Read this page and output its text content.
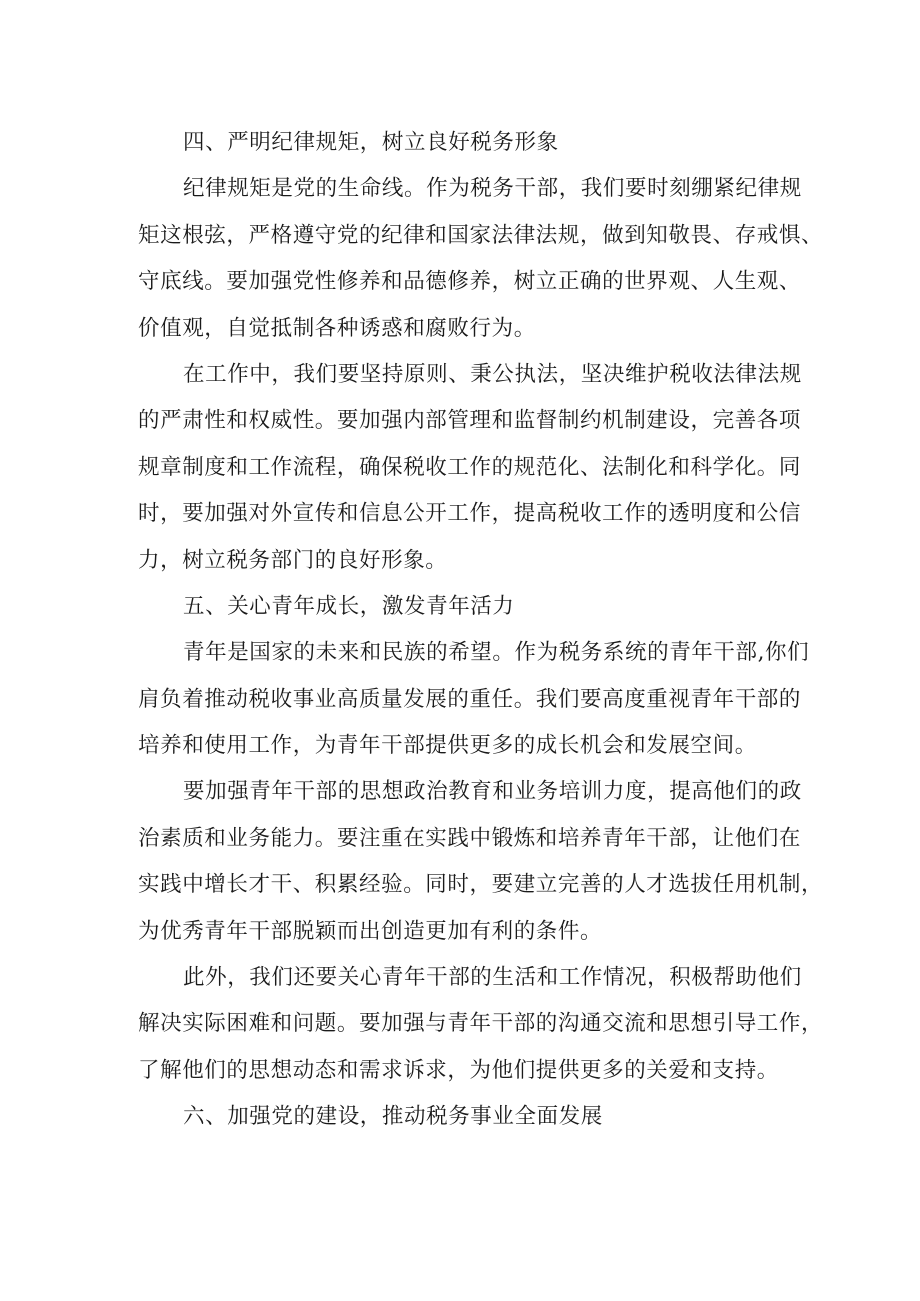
四、严明纪律规矩，树立良好税务形象
纪律规矩是党的生命线。作为税务干部，我们要时刻绷紧纪律规
矩这根弦，严格遵守党的纪律和国家法律法规，做到知敬畏、存戒惧、
守底线。要加强党性修养和品德修养，树立正确的世界观、人生观、
价值观，自觉抵制各种诱惑和腐败行为。
在工作中，我们要坚持原则、秉公执法，坚决维护税收法律法规
的严肃性和权威性。要加强内部管理和监督制约机制建设，完善各项
规章制度和工作流程，确保税收工作的规范化、法制化和科学化。同
时，要加强对外宣传和信息公开工作，提高税收工作的透明度和公信
力，树立税务部门的良好形象。
五、关心青年成长，激发青年活力
青年是国家的未来和民族的希望。作为税务系统的青年干部,你们
肩负着推动税收事业高质量发展的重任。我们要高度重视青年干部的
培养和使用工作，为青年干部提供更多的成长机会和发展空间。
要加强青年干部的思想政治教育和业务培训力度，提高他们的政
治素质和业务能力。要注重在实践中锻炼和培养青年干部，让他们在
实践中增长才干、积累经验。同时，要建立完善的人才选拔任用机制，
为优秀青年干部脱颖而出创造更加有利的条件。
此外，我们还要关心青年干部的生活和工作情况，积极帮助他们
解决实际困难和问题。要加强与青年干部的沟通交流和思想引导工作，
了解他们的思想动态和需求诉求，为他们提供更多的关爱和支持。
六、加强党的建设，推动税务事业全面发展
